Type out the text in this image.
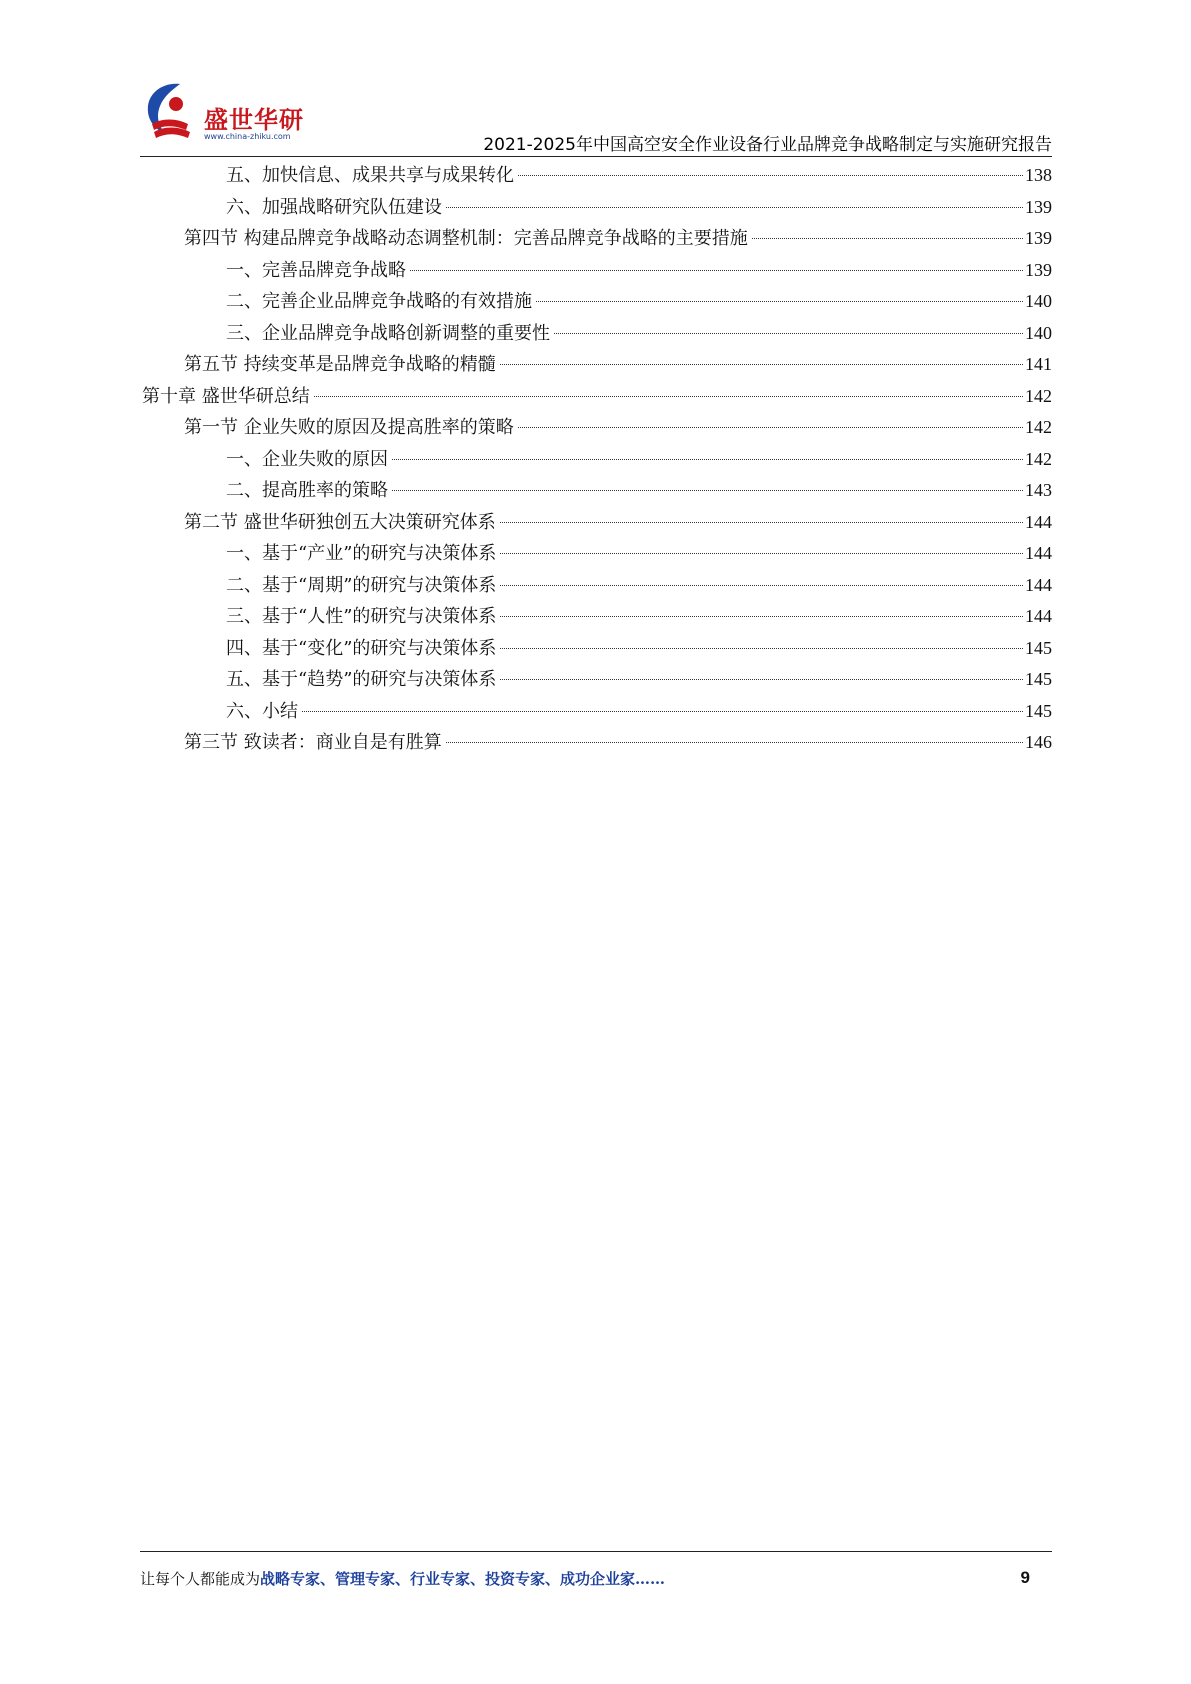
盛世华研
www.china-zhiku.com	2021-2025年中国高空安全作业设备行业品牌竞争战略制定与实施研究报告
五、加快信息、成果共享与成果转化	138
六、加强战略研究队伍建设	139
第四节 构建品牌竞争战略动态调整机制：完善品牌竞争战略的主要措施	139
一、完善品牌竞争战略	139
二、完善企业品牌竞争战略的有效措施	140
三、企业品牌竞争战略创新调整的重要性	140
第五节 持续变革是品牌竞争战略的精髓	141
第十章 盛世华研总结	142
第一节 企业失败的原因及提高胜率的策略	142
一、企业失败的原因	142
二、提高胜率的策略	143
第二节 盛世华研独创五大决策研究体系	144
一、基于“产业”的研究与决策体系	144
二、基于“周期”的研究与决策体系	144
三、基于“人性”的研究与决策体系	144
四、基于“变化”的研究与决策体系	145
五、基于“趋势”的研究与决策体系	145
六、小结	145
第三节 致读者：商业自是有胜算	146
让每个人都能成为战略专家、管理专家、行业专家、投资专家、成功企业家……	9
